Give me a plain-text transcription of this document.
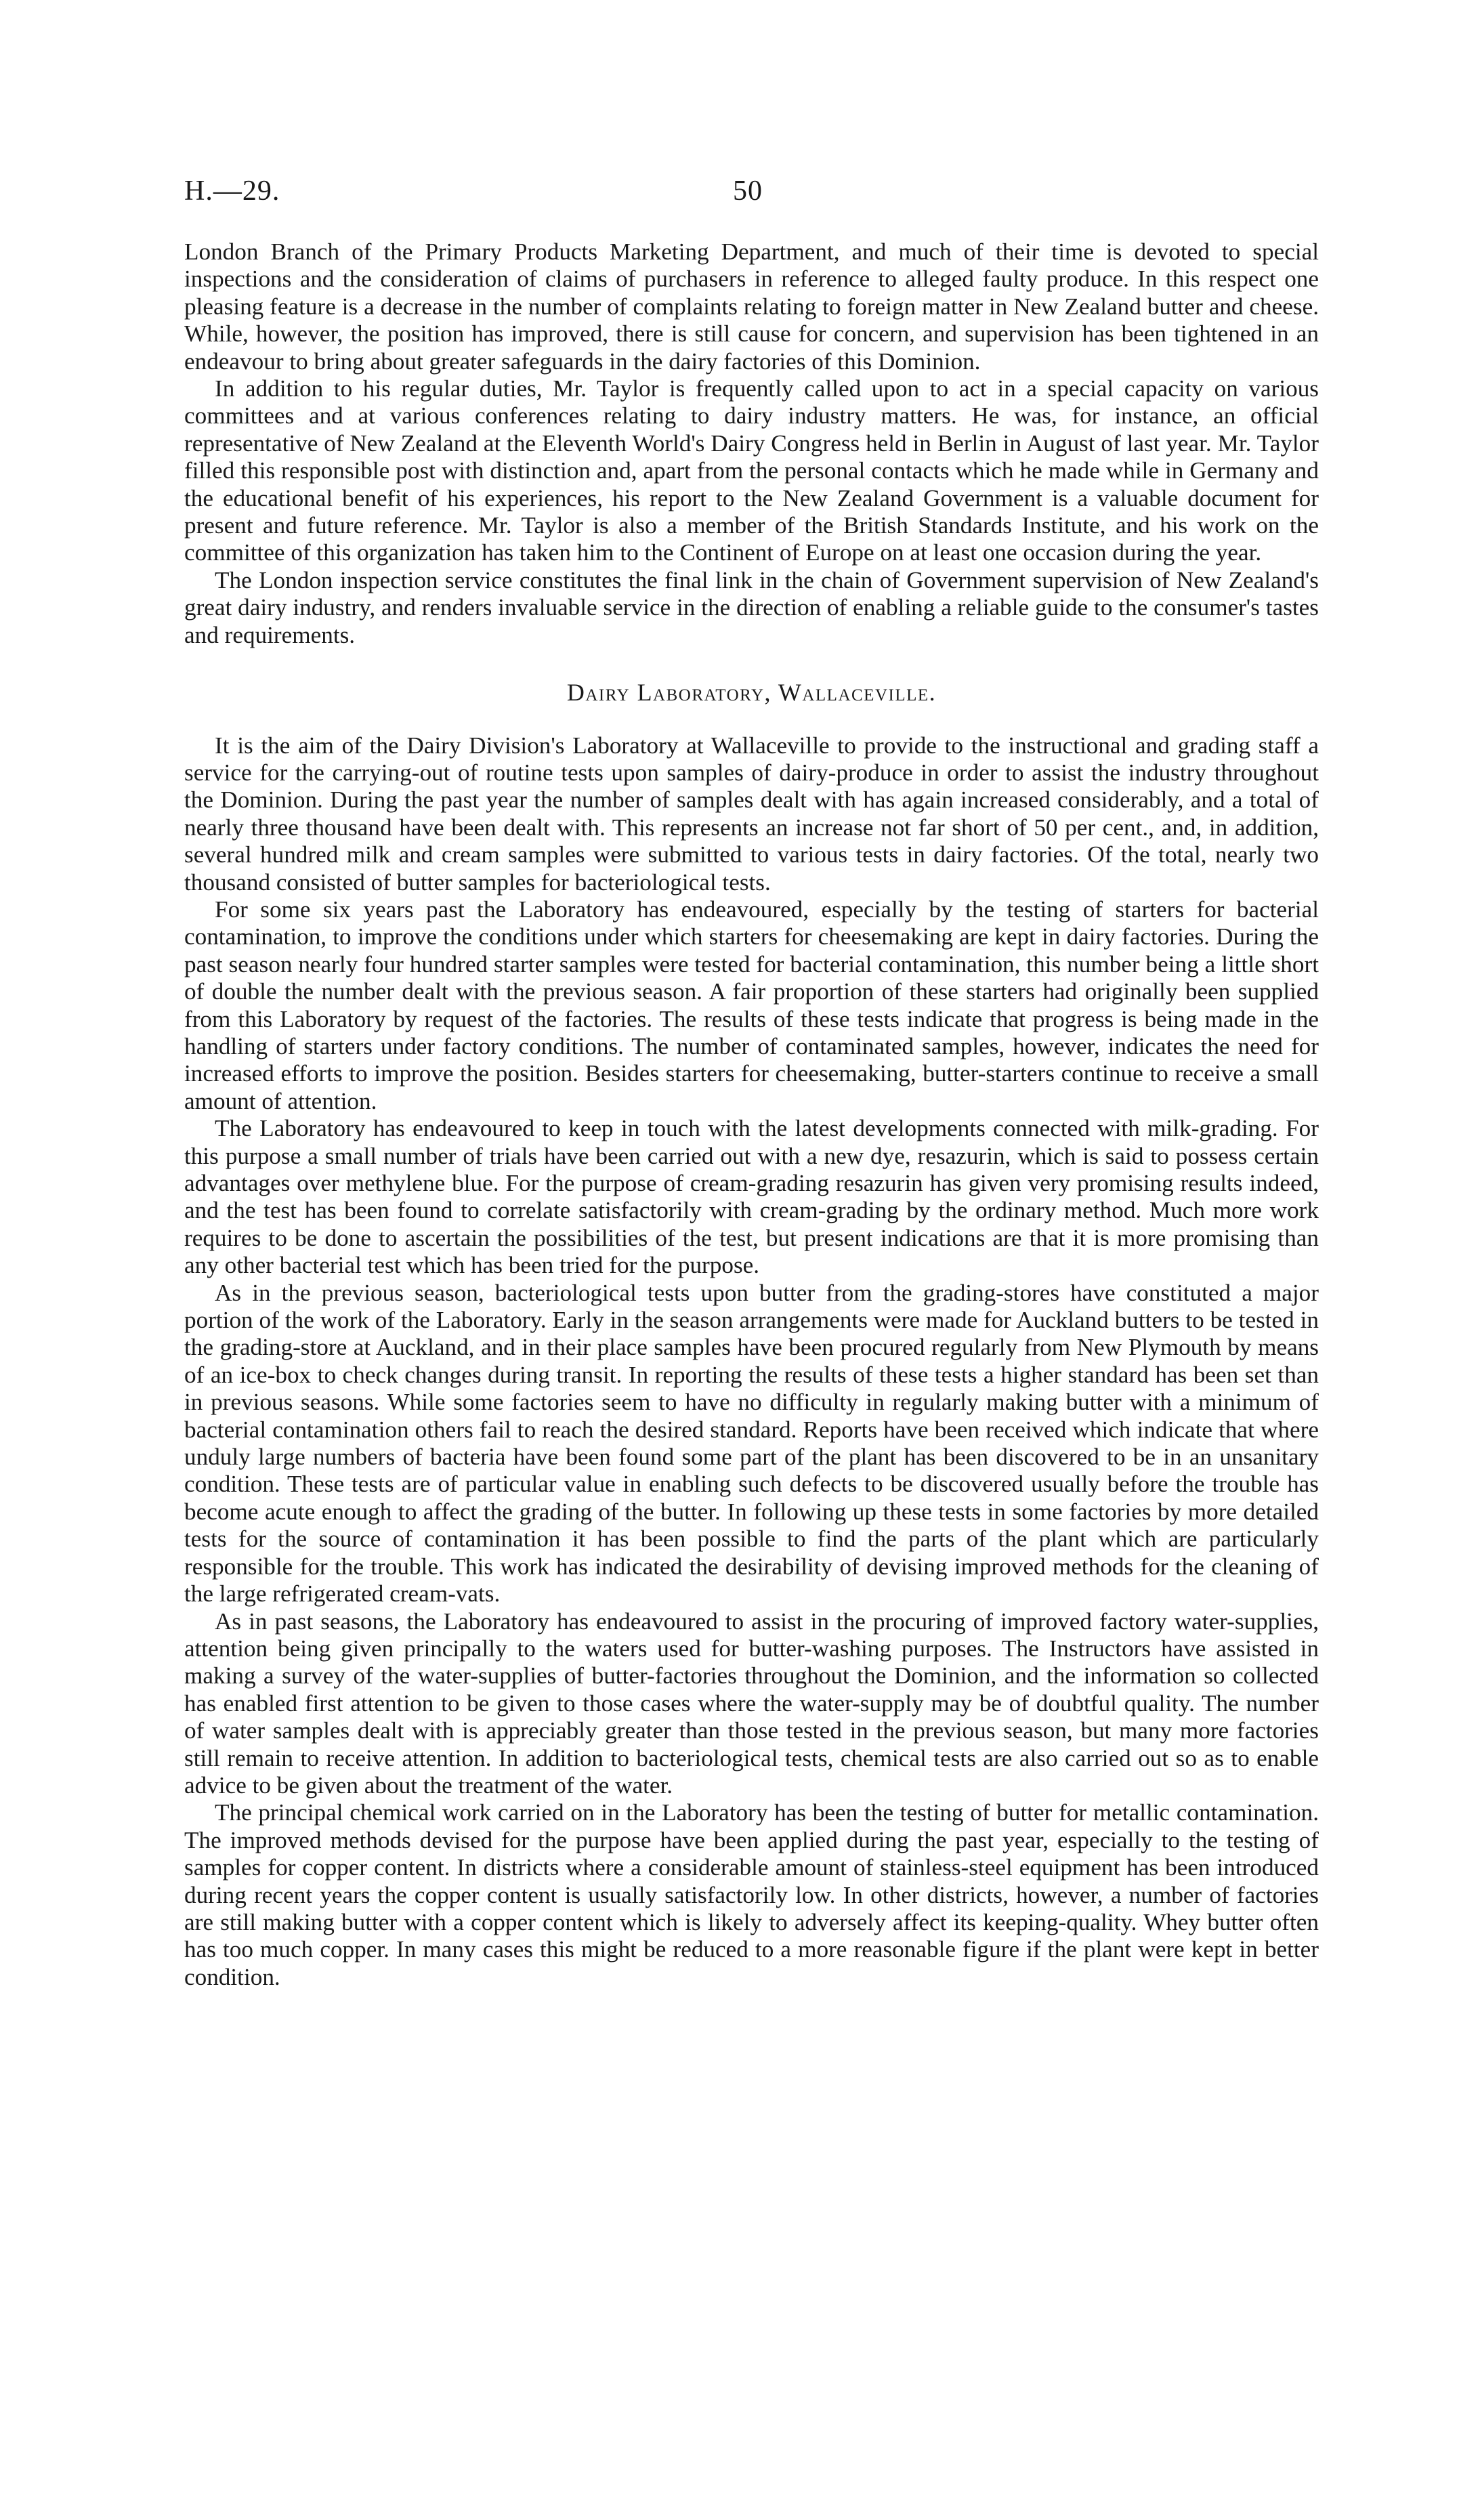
H.—29.	50

London Branch of the Primary Products Marketing Department, and much of their time is devoted to special inspections and the consideration of claims of purchasers in reference to alleged faulty produce. In this respect one pleasing feature is a decrease in the number of complaints relating to foreign matter in New Zealand butter and cheese. While, however, the position has improved, there is still cause for concern, and supervision has been tightened in an endeavour to bring about greater safeguards in the dairy factories of this Dominion.

In addition to his regular duties, Mr. Taylor is frequently called upon to act in a special capacity on various committees and at various conferences relating to dairy industry matters. He was, for instance, an official representative of New Zealand at the Eleventh World's Dairy Congress held in Berlin in August of last year. Mr. Taylor filled this responsible post with distinction and, apart from the personal contacts which he made while in Germany and the educational benefit of his experiences, his report to the New Zealand Government is a valuable document for present and future reference. Mr. Taylor is also a member of the British Standards Institute, and his work on the committee of this organization has taken him to the Continent of Europe on at least one occasion during the year.

The London inspection service constitutes the final link in the chain of Government supervision of New Zealand's great dairy industry, and renders invaluable service in the direction of enabling a reliable guide to the consumer's tastes and requirements.

Dairy Laboratory, Wallaceville.

It is the aim of the Dairy Division's Laboratory at Wallaceville to provide to the instructional and grading staff a service for the carrying-out of routine tests upon samples of dairy-produce in order to assist the industry throughout the Dominion. During the past year the number of samples dealt with has again increased considerably, and a total of nearly three thousand have been dealt with. This represents an increase not far short of 50 per cent., and, in addition, several hundred milk and cream samples were submitted to various tests in dairy factories. Of the total, nearly two thousand consisted of butter samples for bacteriological tests.

For some six years past the Laboratory has endeavoured, especially by the testing of starters for bacterial contamination, to improve the conditions under which starters for cheesemaking are kept in dairy factories. During the past season nearly four hundred starter samples were tested for bacterial contamination, this number being a little short of double the number dealt with the previous season. A fair proportion of these starters had originally been supplied from this Laboratory by request of the factories. The results of these tests indicate that progress is being made in the handling of starters under factory conditions. The number of contaminated samples, however, indicates the need for increased efforts to improve the position. Besides starters for cheesemaking, butter-starters continue to receive a small amount of attention.

The Laboratory has endeavoured to keep in touch with the latest developments connected with milk-grading. For this purpose a small number of trials have been carried out with a new dye, resazurin, which is said to possess certain advantages over methylene blue. For the purpose of cream-grading resazurin has given very promising results indeed, and the test has been found to correlate satisfactorily with cream-grading by the ordinary method. Much more work requires to be done to ascertain the possibilities of the test, but present indications are that it is more promising than any other bacterial test which has been tried for the purpose.

As in the previous season, bacteriological tests upon butter from the grading-stores have constituted a major portion of the work of the Laboratory. Early in the season arrangements were made for Auckland butters to be tested in the grading-store at Auckland, and in their place samples have been procured regularly from New Plymouth by means of an ice-box to check changes during transit. In reporting the results of these tests a higher standard has been set than in previous seasons. While some factories seem to have no difficulty in regularly making butter with a minimum of bacterial contamination others fail to reach the desired standard. Reports have been received which indicate that where unduly large numbers of bacteria have been found some part of the plant has been discovered to be in an unsanitary condition. These tests are of particular value in enabling such defects to be discovered usually before the trouble has become acute enough to affect the grading of the butter. In following up these tests in some factories by more detailed tests for the source of contamination it has been possible to find the parts of the plant which are particularly responsible for the trouble. This work has indicated the desirability of devising improved methods for the cleaning of the large refrigerated cream-vats.

As in past seasons, the Laboratory has endeavoured to assist in the procuring of improved factory water-supplies, attention being given principally to the waters used for butter-washing purposes. The Instructors have assisted in making a survey of the water-supplies of butter-factories throughout the Dominion, and the information so collected has enabled first attention to be given to those cases where the water-supply may be of doubtful quality. The number of water samples dealt with is appreciably greater than those tested in the previous season, but many more factories still remain to receive attention. In addition to bacteriological tests, chemical tests are also carried out so as to enable advice to be given about the treatment of the water.

The principal chemical work carried on in the Laboratory has been the testing of butter for metallic contamination. The improved methods devised for the purpose have been applied during the past year, especially to the testing of samples for copper content. In districts where a considerable amount of stainless-steel equipment has been introduced during recent years the copper content is usually satisfactorily low. In other districts, however, a number of factories are still making butter with a copper content which is likely to adversely affect its keeping-quality. Whey butter often has too much copper. In many cases this might be reduced to a more reasonable figure if the plant were kept in better condition.
